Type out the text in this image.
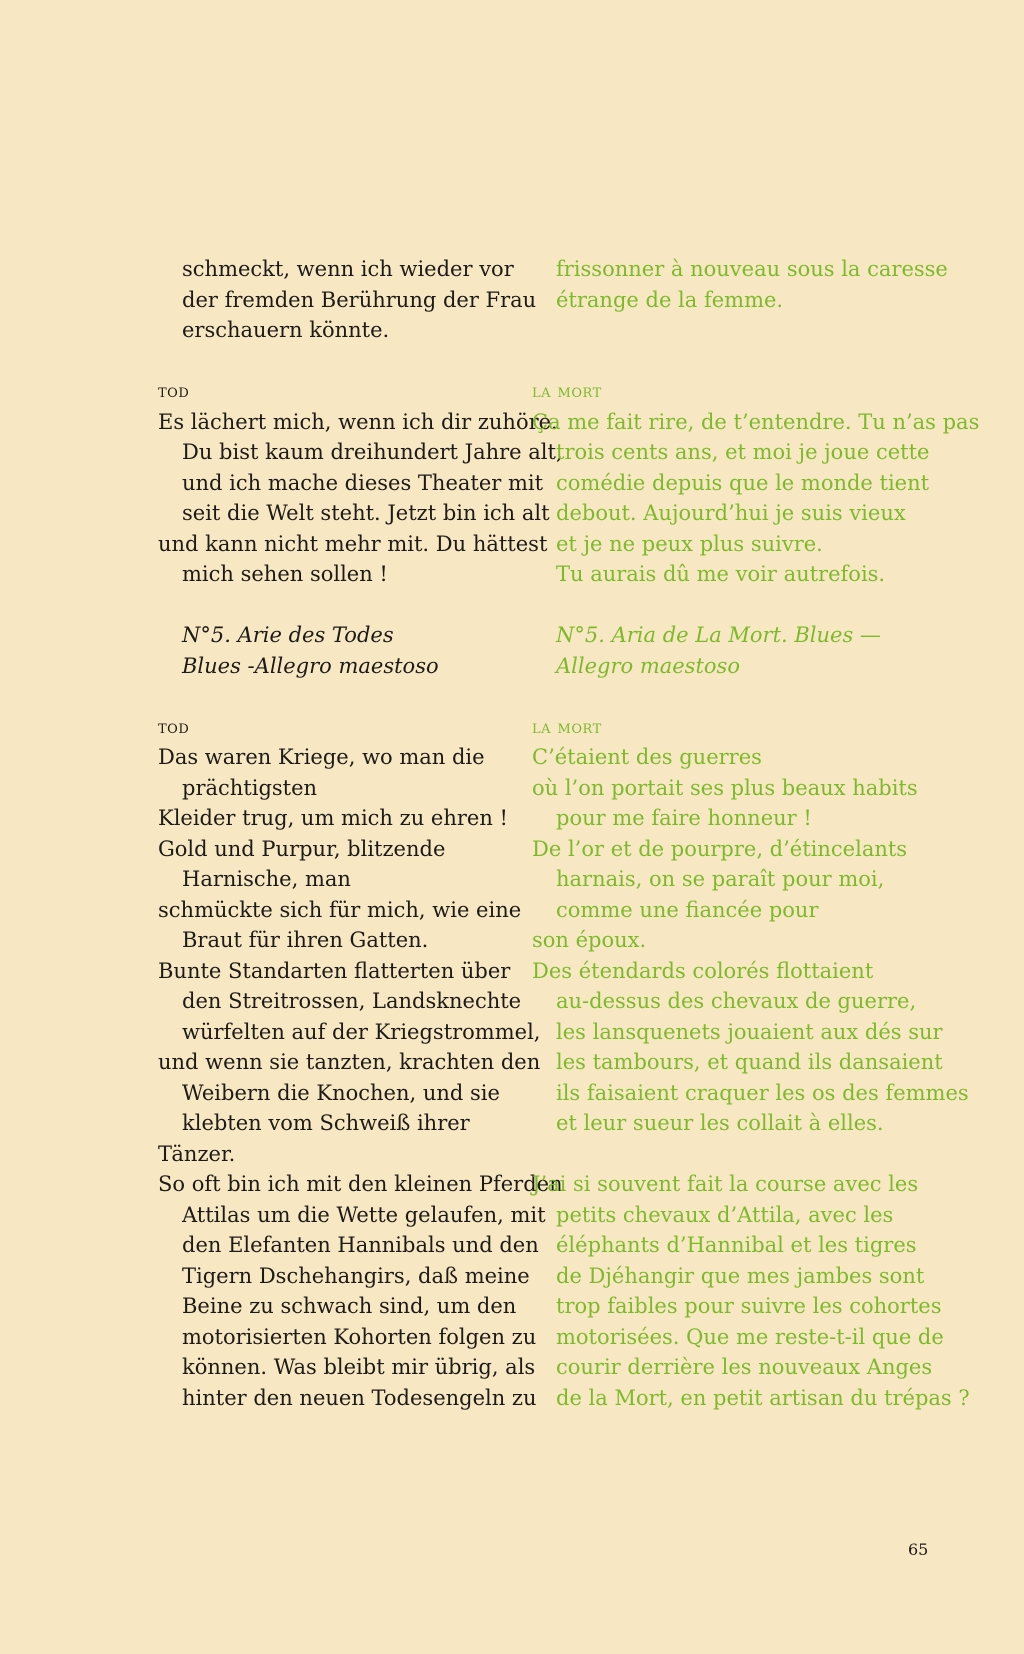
schmeckt, wenn ich wieder vor
der fremden Berührung der Frau
erschauern könnte.
tod
Es lächert mich, wenn ich dir zuhöre.
Du bist kaum dreihundert Jahre alt,
und ich mache dieses Theater mit
seit die Welt steht. Jetzt bin ich alt
und kann nicht mehr mit. Du hättest
mich sehen sollen !
N°5. Arie des Todes
Blues -Allegro maestoso
tod
Das waren Kriege, wo man die
prächtigsten
Kleider trug, um mich zu ehren !
Gold und Purpur, blitzende
Harnische, man
schmückte sich für mich, wie eine
Braut für ihren Gatten.
Bunte Standarten flatterten über
den Streitrossen, Landsknechte
würfelten auf der Kriegstrommel,
und wenn sie tanzten, krachten den
Weibern die Knochen, und sie
klebten vom Schweiß ihrer
Tänzer.
So oft bin ich mit den kleinen Pferden
Attilas um die Wette gelaufen, mit
den Elefanten Hannibals und den
Tigern Dschehangirs, daß meine
Beine zu schwach sind, um den
motorisierten Kohorten folgen zu
können. Was bleibt mir übrig, als
hinter den neuen Todesengeln zu
frissonner à nouveau sous la caresse
étrange de la femme.
la mort
Ça me fait rire, de t’entendre. Tu n’as pas
trois cents ans, et moi je joue cette
comédie depuis que le monde tient
debout. Aujourd’hui je suis vieux
et je ne peux plus suivre.
Tu aurais dû me voir autrefois.
N°5. Aria de La Mort. Blues —
Allegro maestoso
la mort
C’étaient des guerres
où l’on portait ses plus beaux habits
pour me faire honneur !
De l’or et de pourpre, d’étincelants
harnais, on se paraît pour moi,
comme une fiancée pour
son époux.
Des étendards colorés flottaient
au-dessus des chevaux de guerre,
les lansquenets jouaient aux dés sur
les tambours, et quand ils dansaient
ils faisaient craquer les os des femmes
et leur sueur les collait à elles.
J’ai si souvent fait la course avec les
petits chevaux d’Attila, avec les
éléphants d’Hannibal et les tigres
de Djéhangir que mes jambes sont
trop faibles pour suivre les cohortes
motorisées. Que me reste-t-il que de
courir derrière les nouveaux Anges
de la Mort, en petit artisan du trépas ?
65
